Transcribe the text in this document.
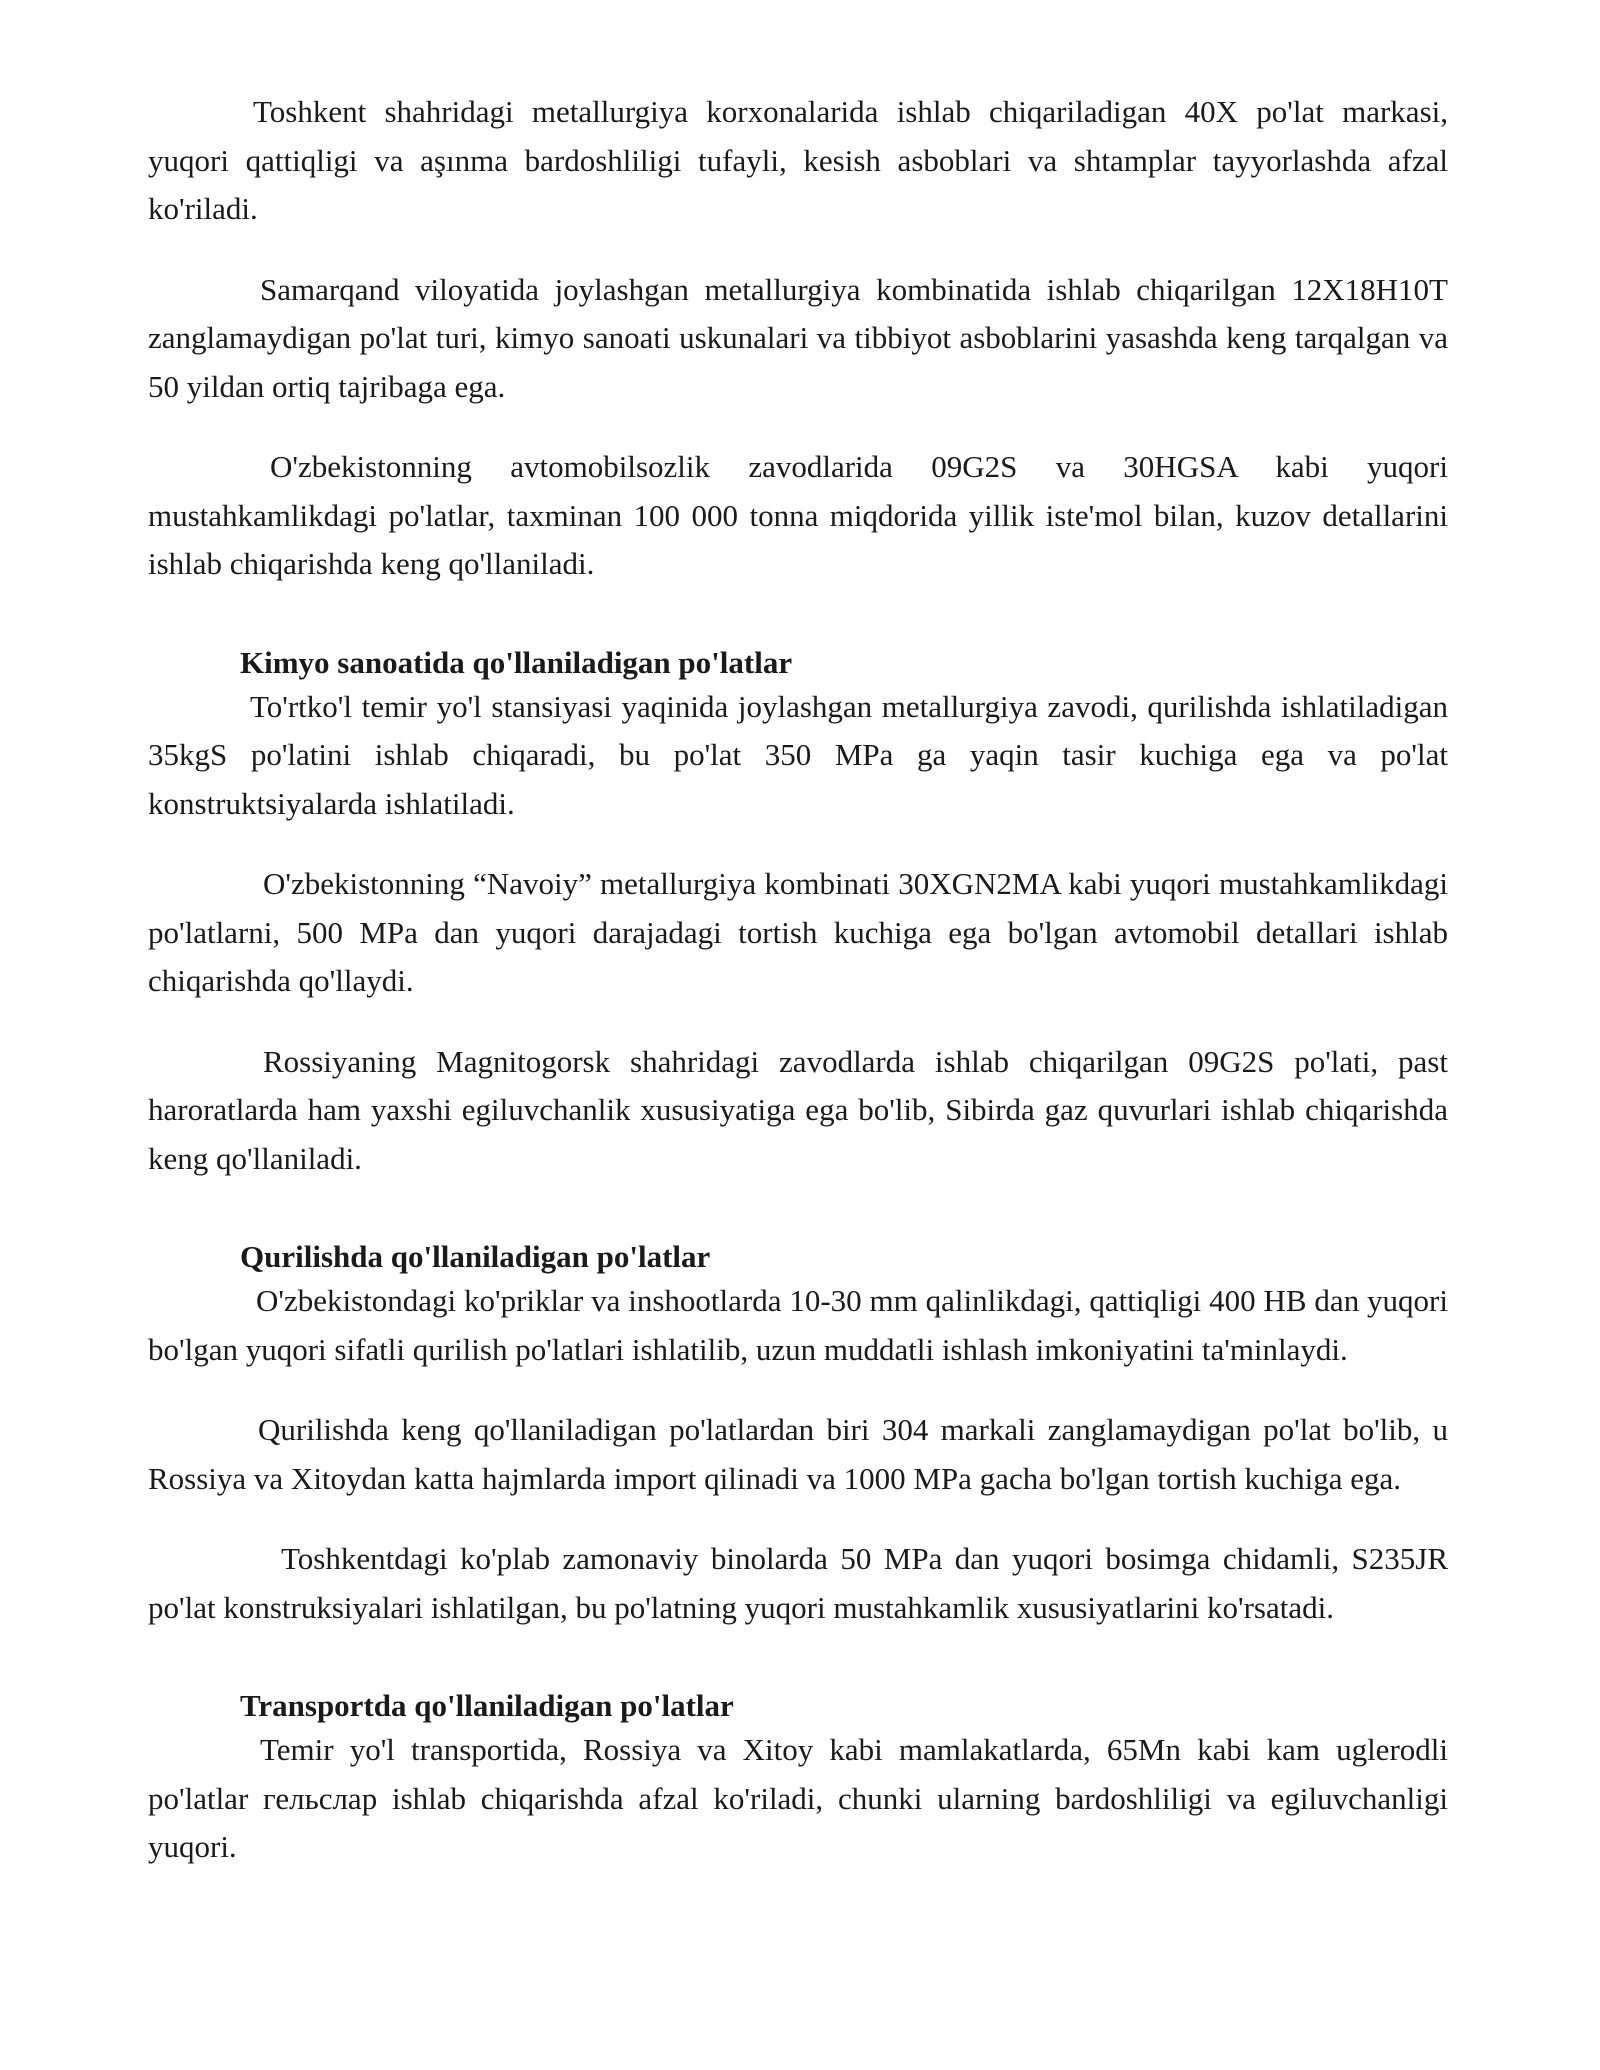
Toshkent shahridagi metallurgiya korxonalarida ishlab chiqariladigan 40X po'lat markasi, yuqori qattiqligi va aşınma bardoshliligi tufayli, kesish asboblari va shtamplar tayyorlashda afzal ko'riladi.

Samarqand viloyatida joylashgan metallurgiya kombinatida ishlab chiqarilgan 12X18H10T zanglamaydigan po'lat turi, kimyo sanoati uskunalari va tibbiyot asboblarini yasashda keng tarqalgan va 50 yildan ortiq tajribaga ega.

O'zbekistonning avtomobilsozlik zavodlarida 09G2S va 30HGSA kabi yuqori mustahkamlikdagi po'latlar, taxminan 100 000 tonna miqdorida yillik iste'mol bilan, kuzov detallarini ishlab chiqarishda keng qo'llaniladi.

Kimyo sanoatida qo'llaniladigan po'latlar

To'rtko'l temir yo'l stansiyasi yaqinida joylashgan metallurgiya zavodi, qurilishda ishlatiladigan 35kgS po'latini ishlab chiqaradi, bu po'lat 350 MPa ga yaqin tasir kuchiga ega va po'lat konstruktsiyalarda ishlatiladi.

O'zbekistonning “Navoiy” metallurgiya kombinati 30XGN2MA kabi yuqori mustahkamlikdagi po'latlarni, 500 MPa dan yuqori darajadagi tortish kuchiga ega bo'lgan avtomobil detallari ishlab chiqarishda qo'llaydi.

Rossiyaning Magnitogorsk shahridagi zavodlarda ishlab chiqarilgan 09G2S po'lati, past haroratlarda ham yaxshi egiluvchanlik xususiyatiga ega bo'lib, Sibirda gaz quvurlari ishlab chiqarishda keng qo'llaniladi.

Qurilishda qo'llaniladigan po'latlar

O'zbekistondagi ko'priklar va inshootlarda 10-30 mm qalinlikdagi, qattiqligi 400 HB dan yuqori bo'lgan yuqori sifatli qurilish po'latlari ishlatilib, uzun muddatli ishlash imkoniyatini ta'minlaydi.

Qurilishda keng qo'llaniladigan po'latlardan biri 304 markali zanglamaydigan po'lat bo'lib, u Rossiya va Xitoydan katta hajmlarda import qilinadi va 1000 MPa gacha bo'lgan tortish kuchiga ega.

Toshkentdagi ko'plab zamonaviy binolarda 50 MPa dan yuqori bosimga chidamli, S235JR po'lat konstruksiyalari ishlatilgan, bu po'latning yuqori mustahkamlik xususiyatlarini ko'rsatadi.

Transportda qo'llaniladigan po'latlar

Temir yo'l transportida, Rossiya va Xitoy kabi mamlakatlarda, 65Mn kabi kam uglerodli po'latlar гельслар ishlab chiqarishda afzal ko'riladi, chunki ularning bardoshliligi va egiluvchanligi yuqori.
